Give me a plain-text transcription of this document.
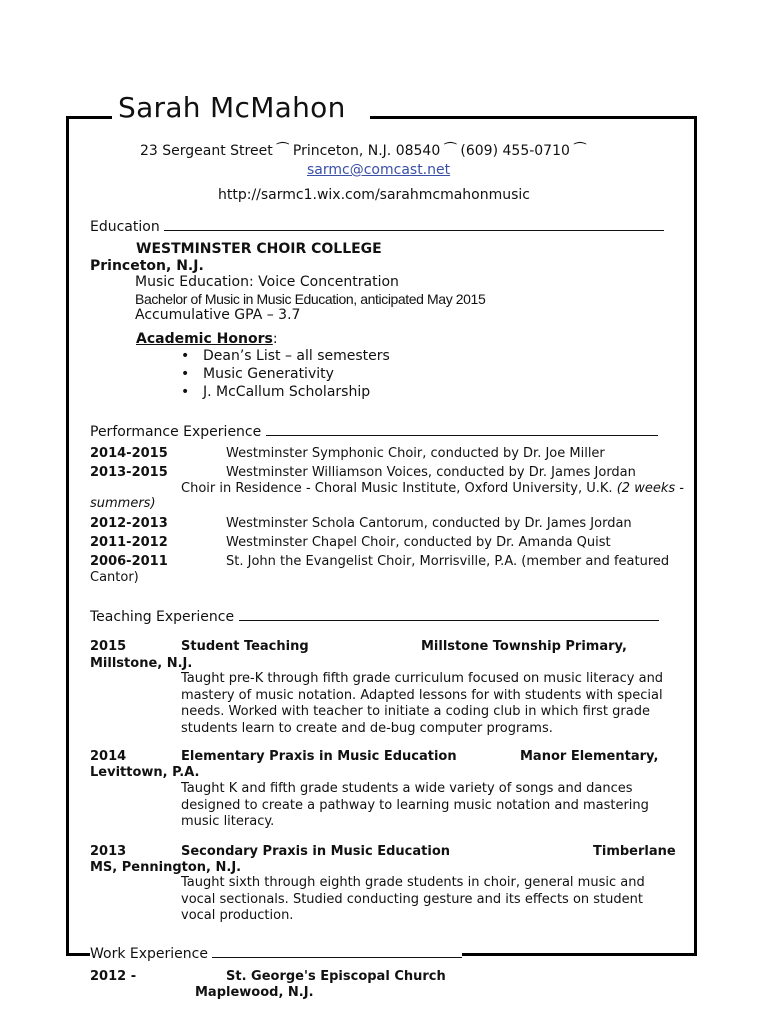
Sarah McMahon
23 Sergeant Street ⁀ Princeton, N.J. 08540 ⁀ (609) 455-0710 ⁀
sarmc@comcast.net
http://sarmc1.wix.com/sarahmcmahonmusic
Education
WESTMINSTER CHOIR COLLEGE
Princeton, N.J.
Music Education: Voice Concentration
Bachelor of Music in Music Education, anticipated May 2015
Accumulative GPA – 3.7
Academic Honors:
• Dean’s List – all semesters
• Music Generativity
• J. McCallum Scholarship
Performance Experience
2014-2015	Westminster Symphonic Choir, conducted by Dr. Joe Miller
2013-2015	Westminster Williamson Voices, conducted by Dr. James Jordan
Choir in Residence - Choral Music Institute, Oxford University, U.K. (2 weeks -
summers)
2012-2013	Westminster Schola Cantorum, conducted by Dr. James Jordan
2011-2012	Westminster Chapel Choir, conducted by Dr. Amanda Quist
2006-2011	St. John the Evangelist Choir, Morrisville, P.A. (member and featured
Cantor)
Teaching Experience
2015	Student Teaching	Millstone Township Primary,
Millstone, N.J.
Taught pre-K through fifth grade curriculum focused on music literacy and mastery of music notation. Adapted lessons for with students with special needs. Worked with teacher to initiate a coding club in which first grade students learn to create and de-bug computer programs.
2014	Elementary Praxis in Music Education	Manor Elementary,
Levittown, P.A.
Taught K and fifth grade students a wide variety of songs and dances designed to create a pathway to learning music notation and mastering music literacy.
2013	Secondary Praxis in Music Education	Timberlane
MS, Pennington, N.J.
Taught sixth through eighth grade students in choir, general music and vocal sectionals. Studied conducting gesture and its effects on student vocal production.
Work Experience
2012 -	St. George's Episcopal Church
Maplewood, N.J.
